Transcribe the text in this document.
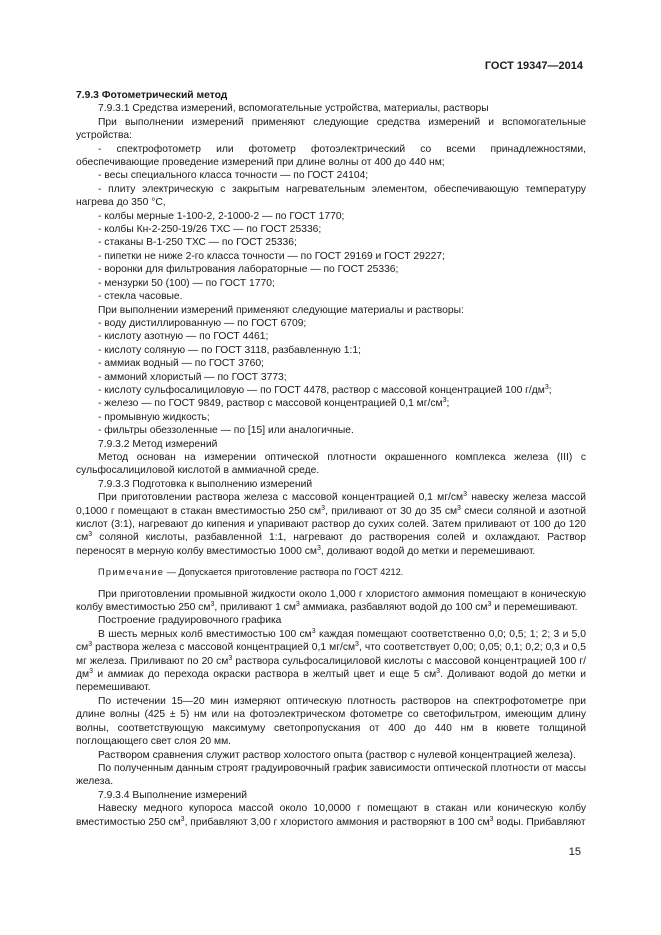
ГОСТ 19347—2014

7.9.3 Фотометрический метод

7.9.3.1 Средства измерений, вспомогательные устройства, материалы, растворы

При выполнении измерений применяют следующие средства измерений и вспомогательные устройства:

- спектрофотометр или фотометр фотоэлектрический со всеми принадлежностями, обеспечивающие проведение измерений при длине волны от 400 до 440 нм;

- весы специального класса точности — по ГОСТ 24104;

- плиту электрическую с закрытым нагревательным элементом, обеспечивающую температуру нагрева до 350 °С,

- колбы мерные 1-100-2, 2-1000-2 — по ГОСТ 1770;

- колбы Кн-2-250-19/26 ТХС — по ГОСТ 25336;

- стаканы В-1-250 ТХС — по ГОСТ 25336;

- пипетки не ниже 2-го класса точности — по ГОСТ 29169 и ГОСТ 29227;

- воронки для фильтрования лабораторные — по ГОСТ 25336;

- мензурки 50 (100) — по ГОСТ 1770;

- стекла часовые.

При выполнении измерений применяют следующие материалы и растворы:

- воду дистиллированную — по ГОСТ 6709;

- кислоту азотную — по ГОСТ 4461;

- кислоту соляную — по ГОСТ 3118, разбавленную 1:1;

- аммиак водный — по ГОСТ 3760;

- аммоний хлористый — по ГОСТ 3773;

- кислоту сульфосалициловую — по ГОСТ 4478, раствор с массовой концентрацией 100 $г/дм^3$;

- железо — по ГОСТ 9849, раствор с массовой концентрацией 0,1 $мг/см^3$;

- промывную жидкость;

- фильтры обеззоленные — по [15] или аналогичные.

7.9.3.2 Метод измерений

Метод основан на измерении оптической плотности окрашенного комплекса железа (III) с сульфосалициловой кислотой в аммиачной среде.

7.9.3.3 Подготовка к выполнению измерений

При приготовлении раствора железа с массовой концентрацией 0,1 $мг/см^3$ навеску железа массой 0,1000 г помещают в стакан вместимостью 250 $см^3$, приливают от 30 до 35 $см^3$ смеси соляной и азотной кислот (3:1), нагревают до кипения и упаривают раствор до сухих солей. Затем приливают от 100 до 120 $см^3$ соляной кислоты, разбавленной 1:1, нагревают до растворения солей и охлаждают. Раствор переносят в мерную колбу вместимостью 1000 $см^3$, доливают водой до метки и перемешивают.

Примечание — Допускается приготовление раствора по ГОСТ 4212.

При приготовлении промывной жидкости около 1,000 г хлористого аммония помещают в коническую колбу вместимостью 250 $см^3$, приливают 1 $см^3$ аммиака, разбавляют водой до 100 $см^3$ и перемешивают.

Построение градуировочного графика

В шесть мерных колб вместимостью 100 $см^3$ каждая помещают соответственно 0,0; 0,5; 1; 2; 3 и 5,0 $см^3$ раствора железа с массовой концентрацией 0,1 $мг/см^3$, что соответствует 0,00; 0,05; 0,1; 0,2; 0,3 и 0,5 мг железа. Приливают по 20 $см^3$ раствора сульфосалициловой кислоты с массовой концентрацией 100 $г/дм^3$ и аммиак до перехода окраски раствора в желтый цвет и еще 5 $см^3$. Доливают водой до метки и перемешивают.

По истечении 15—20 мин измеряют оптическую плотность растворов на спектрофотометре при длине волны (425 ± 5) нм или на фотоэлектрическом фотометре со светофильтром, имеющим длину волны, соответствующую максимуму светопропускания от 400 до 440 нм в кювете толщиной поглощающего свет слоя 20 мм.

Раствором сравнения служит раствор холостого опыта (раствор с нулевой концентрацией железа).

По полученным данным строят градуировочный график зависимости оптической плотности от массы железа.

7.9.3.4 Выполнение измерений

Навеску медного купороса массой около 10,0000 г помещают в стакан или коническую колбу вместимостью 250 $см^3$, прибавляют 3,00 г хлористого аммония и растворяют в 100 $см^3$ воды. Прибавляют

15
